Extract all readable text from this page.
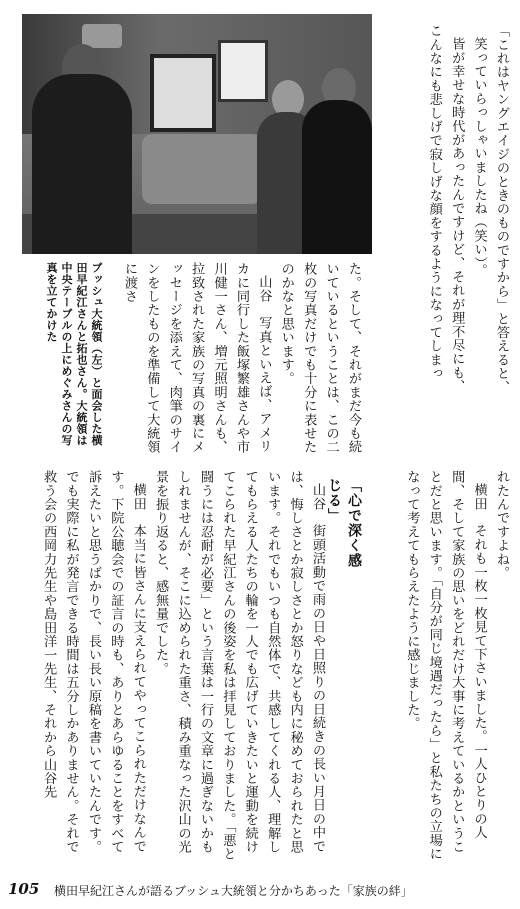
「これはヤングエイジのときのものですから」と答えると、

笑っていらっしゃいましたね（笑い）。

皆が幸せな時代があったんですけど、それが理不尽にも、

こんなにも悲しげで寂しげな顔をするようになってしまっ

ブッシュ大統領（左）と面会した横田早紀江さんと拓也さん。大統領は中央テーブルの上にめぐみさんの写真を立てかけた	た。そして、それがまだ今も続いているということは、この二枚の写真だけでも十分に表せたのかなと思います。

山谷　写真といえば、アメリカに同行した飯塚繁雄さんや市川健一さん、増元照明さんも、拉致された家族の写真の裏にメッセージを添えて、肉筆のサインをしたものを準備して大統領に渡さ

れたんですよね。

横田　それも一枚一枚見て下さいました。一人ひとりの人間、そして家族の思いをどれだけ大事に考えているかということだと思います。「自分が同じ境遇だったら」と私たちの立場になって考えてもらえたように感じました。

「心で深く感じる」

山谷　街頭活動で雨の日や日照りの日続きの長い月日の中では、悔しさとか寂しさとか怒りなども内に秘めておられたと思います。それでもいつも自然体で、共感してくれる人、理解してもらえる人たちの輪を一人でも広げていきたいと運動を続けてこられた早紀江さんの後姿を私は拝見しておりました。「悪と闘うには忍耐が必要」という言葉は一行の文章に過ぎないかもしれませんが、そこに込められた重さ、積み重なった沢山の光景を振り返ると、感無量でした。

横田　本当に皆さんに支えられてやってこられただけなんです。下院公聴会での証言の時も、ありとあらゆることをすべて訴えたいと思うばかりで、長い長い原稿を書いていたんです。でも実際に私が発言できる時間は五分しかありません。それで救う会の西岡力先生や島田洋一先生、それから山谷先

105 横田早紀江さんが語るブッシュ大統領と分かちあった「家族の絆」
